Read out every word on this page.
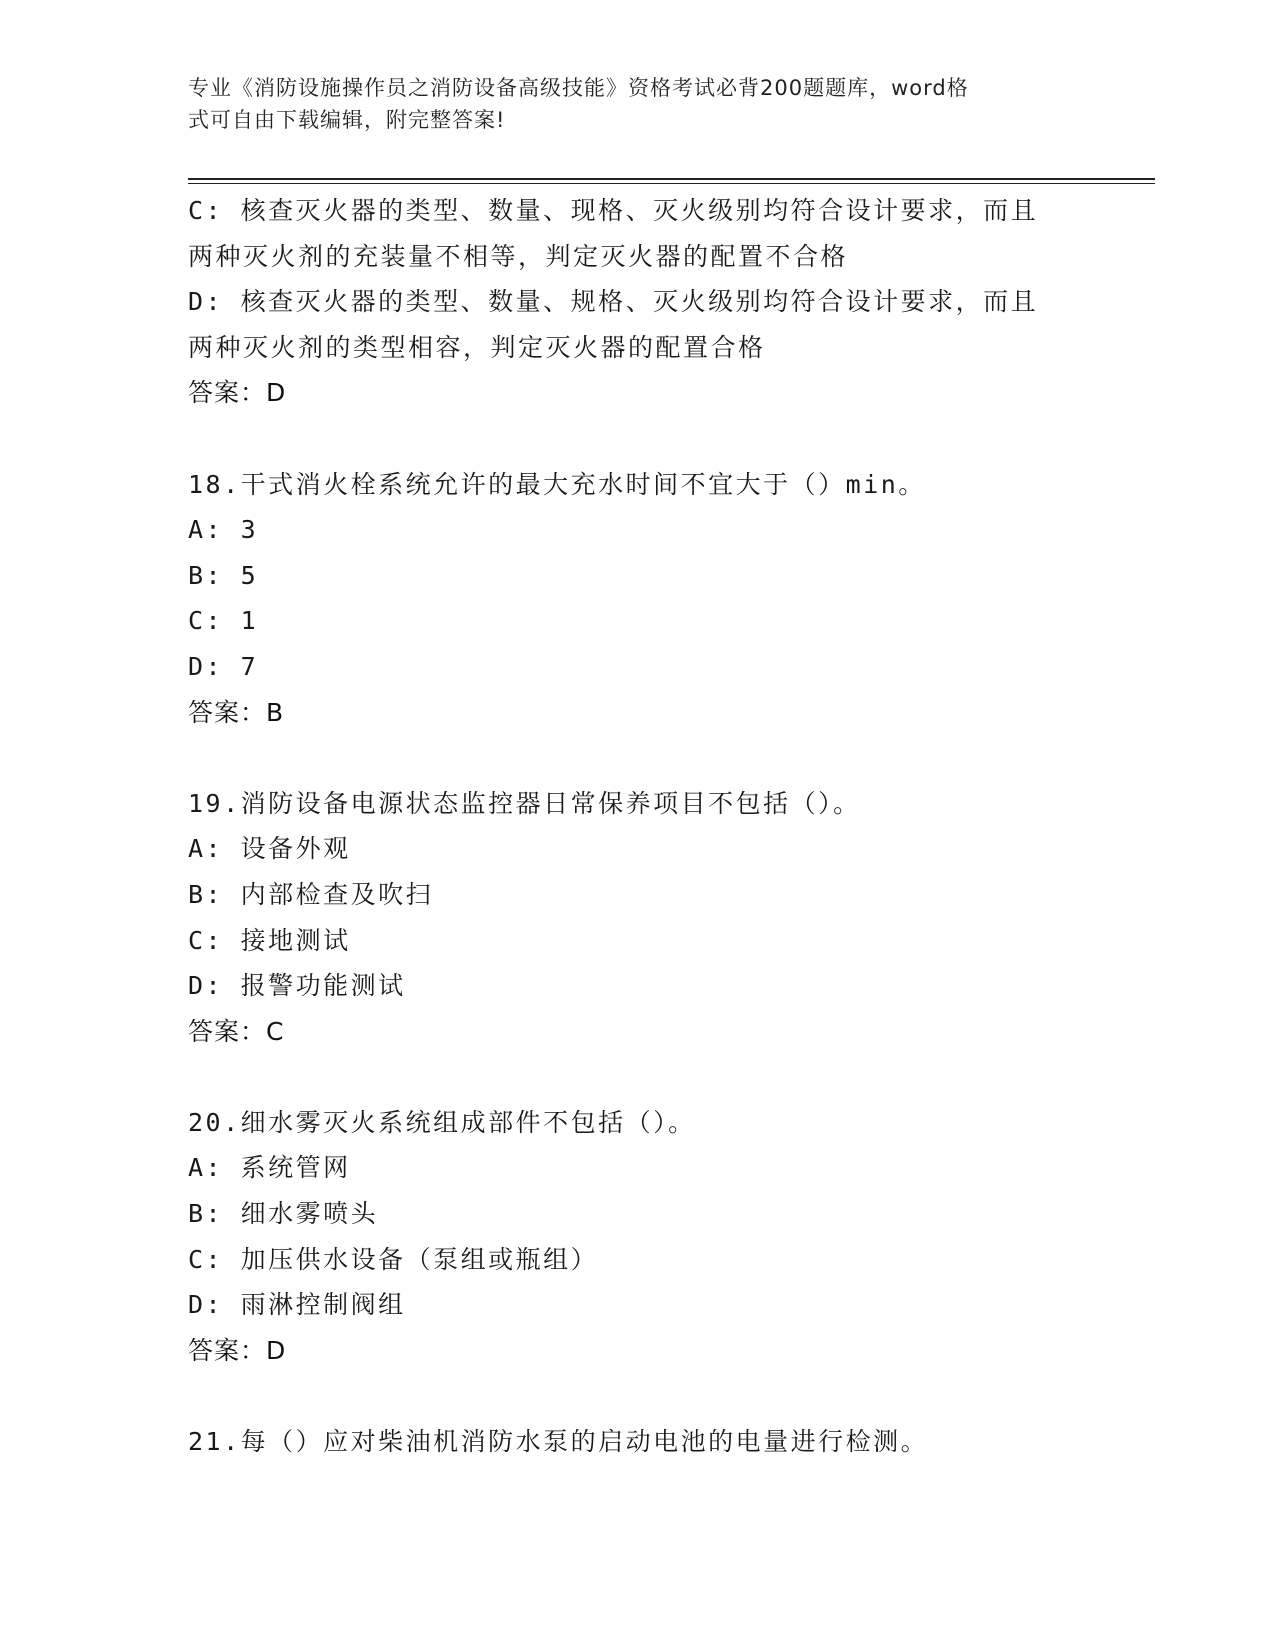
专业《消防设施操作员之消防设备高级技能》资格考试必背200题题库，word格
式可自由下载编辑，附完整答案!
C: 核查灭火器的类型、数量、现格、灭火级别均符合设计要求，而且
两种灭火剂的充装量不相等，判定灭火器的配置不合格
D: 核查灭火器的类型、数量、规格、灭火级别均符合设计要求，而且
两种灭火剂的类型相容，判定灭火器的配置合格
答案：D
18.干式消火栓系统允许的最大充水时间不宜大于（）min。
A: 3
B: 5
C: 1
D: 7
答案：B
19.消防设备电源状态监控器日常保养项目不包括（）。
A: 设备外观
B: 内部检查及吹扫
C: 接地测试
D: 报警功能测试
答案：C
20.细水雾灭火系统组成部件不包括（）。
A: 系统管网
B: 细水雾喷头
C: 加压供水设备（泵组或瓶组）
D: 雨淋控制阀组
答案：D
21.每（）应对柴油机消防水泵的启动电池的电量进行检测。
